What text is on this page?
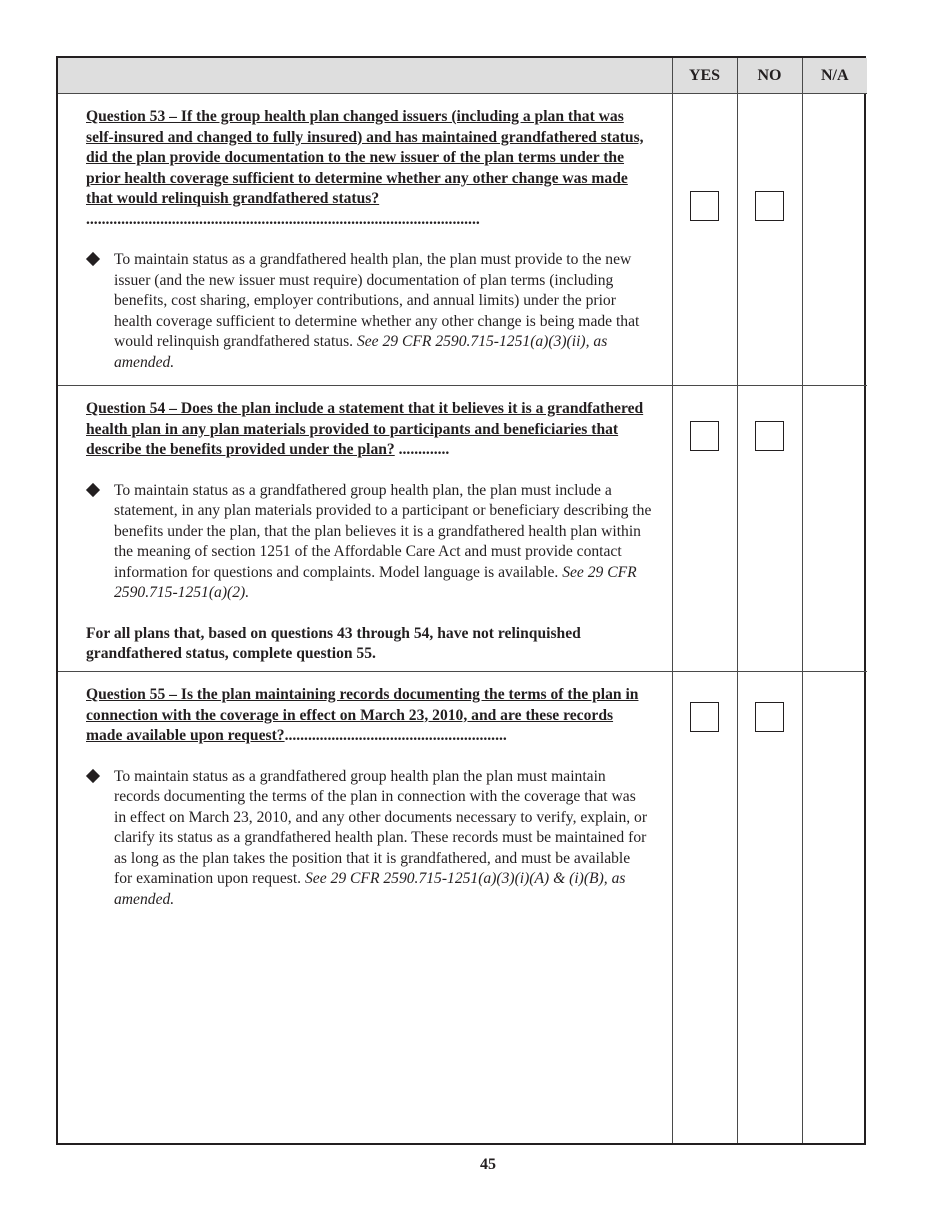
	YES	NO	N/A

Question 53 – If the group health plan changed issuers (including a plan that was self-insured and changed to fully insured) and has maintained grandfathered status, did the plan provide documentation to the new issuer of the plan terms under the prior health coverage sufficient to determine whether any other change was made that would relinquish grandfathered status? .....................................................................................................

To maintain status as a grandfathered health plan, the plan must provide to the new issuer (and the new issuer must require) documentation of plan terms (including benefits, cost sharing, employer contributions, and annual limits) under the prior health coverage sufficient to determine whether any other change is being made that would relinquish grandfathered status. See 29 CFR 2590.715-1251(a)(3)(ii), as amended.			

Question 54 – Does the plan include a statement that it believes it is a grandfathered health plan in any plan materials provided to participants and beneficiaries that describe the benefits provided under the plan? .............

To maintain status as a grandfathered group health plan, the plan must include a statement, in any plan materials provided to a participant or beneficiary describing the benefits under the plan, that the plan believes it is a grandfathered health plan within the meaning of section 1251 of the Affordable Care Act and must provide contact information for questions and complaints. Model language is available. See 29 CFR 2590.715-1251(a)(2).

For all plans that, based on questions 43 through 54, have not relinquished grandfathered status, complete question 55.			

Question 55 – Is the plan maintaining records documenting the terms of the plan in connection with the coverage in effect on March 23, 2010, and are these records made available upon request?.........................................................

To maintain status as a grandfathered group health plan the plan must maintain records documenting the terms of the plan in connection with the coverage that was in effect on March 23, 2010, and any other documents necessary to verify, explain, or clarify its status as a grandfathered health plan. These records must be maintained for as long as the plan takes the position that it is grandfathered, and must be available for examination upon request. See 29 CFR 2590.715-1251(a)(3)(i)(A) & (i)(B), as amended.			

45
